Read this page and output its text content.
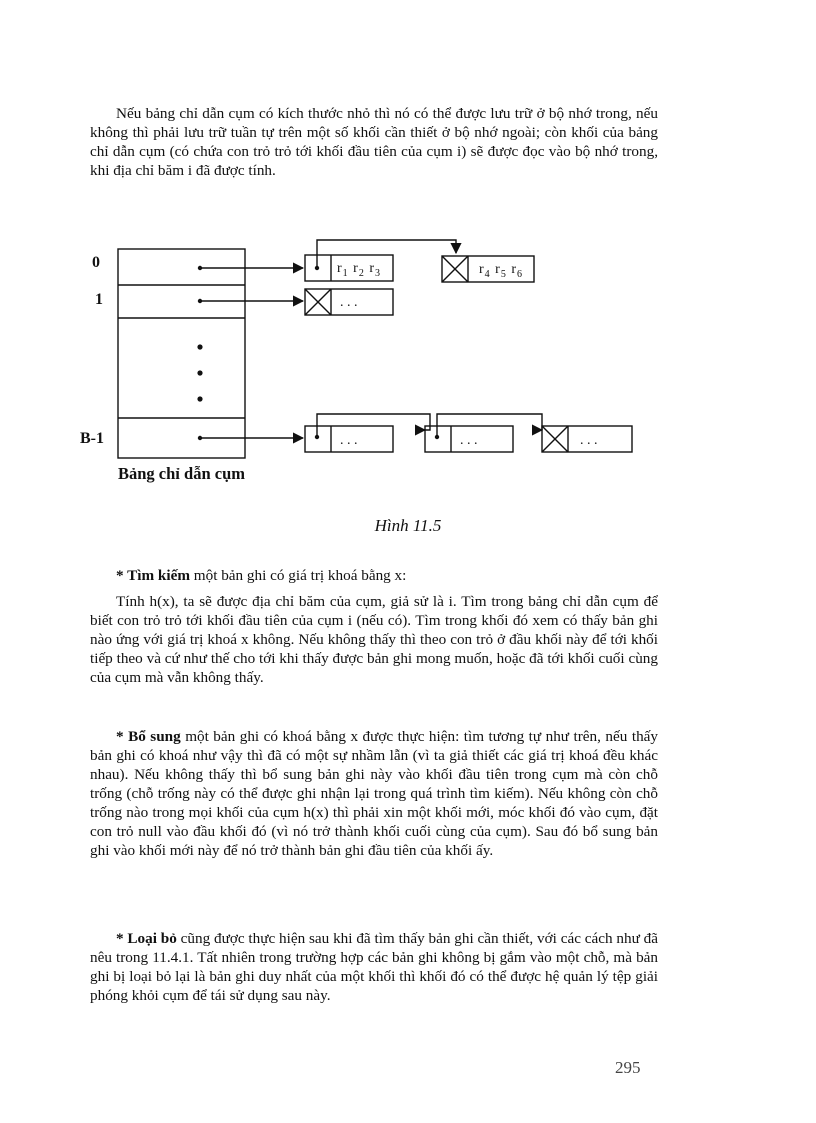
Nếu bảng chỉ dẫn cụm có kích thước nhỏ thì nó có thể được lưu trữ ở bộ nhớ trong, nếu không thì phải lưu trữ tuần tự trên một số khối cần thiết ở bộ nhớ ngoài; còn khối của bảng chỉ dẫn cụm (có chứa con trỏ trỏ tới khối đầu tiên của cụm i) sẽ được đọc vào bộ nhớ trong, khi địa chỉ băm i đã được tính.

. . .
. . .	. . .	. . .
0
1
B-1
$r_1$ $r_2$ $r_3$	$r_4$ $r_5$ $r_6$
Bảng chỉ dẫn cụm
Hình 11.5

* Tìm kiếm một bản ghi có giá trị khoá bằng x:

Tính h(x), ta sẽ được địa chỉ băm của cụm, giả sử là i. Tìm trong bảng chỉ dẫn cụm để biết con trỏ trỏ tới khối đầu tiên của cụm i (nếu có). Tìm trong khối đó xem có thấy bản ghi nào ứng với giá trị khoá x không. Nếu không thấy thì theo con trỏ ở đầu khối này để tới khối tiếp theo và cứ như thế cho tới khi thấy được bản ghi mong muốn, hoặc đã tới khối cuối cùng của cụm mà vẫn không thấy.

* Bổ sung một bản ghi có khoá bằng x được thực hiện: tìm tương tự như trên, nếu thấy bản ghi có khoá như vậy thì đã có một sự nhầm lẫn (vì ta giả thiết các giá trị khoá đều khác nhau). Nếu không thấy thì bổ sung bản ghi này vào khối đầu tiên trong cụm mà còn chỗ trống (chỗ trống này có thể được ghi nhận lại trong quá trình tìm kiếm). Nếu không còn chỗ trống nào trong mọi khối của cụm h(x) thì phải xin một khối mới, móc khối đó vào cụm, đặt con trỏ null vào đầu khối đó (vì nó trở thành khối cuối cùng của cụm). Sau đó bổ sung bản ghi vào khối mới này để nó trở thành bản ghi đầu tiên của khối ấy.

* Loại bỏ cũng được thực hiện sau khi đã tìm thấy bản ghi cần thiết, với các cách như đã nêu trong 11.4.1. Tất nhiên trong trường hợp các bản ghi không bị gắm vào một chỗ, mà bản ghi bị loại bỏ lại là bản ghi duy nhất của một khối thì khối đó có thể được hệ quản lý tệp giải phóng khỏi cụm để tái sử dụng sau này.

295
